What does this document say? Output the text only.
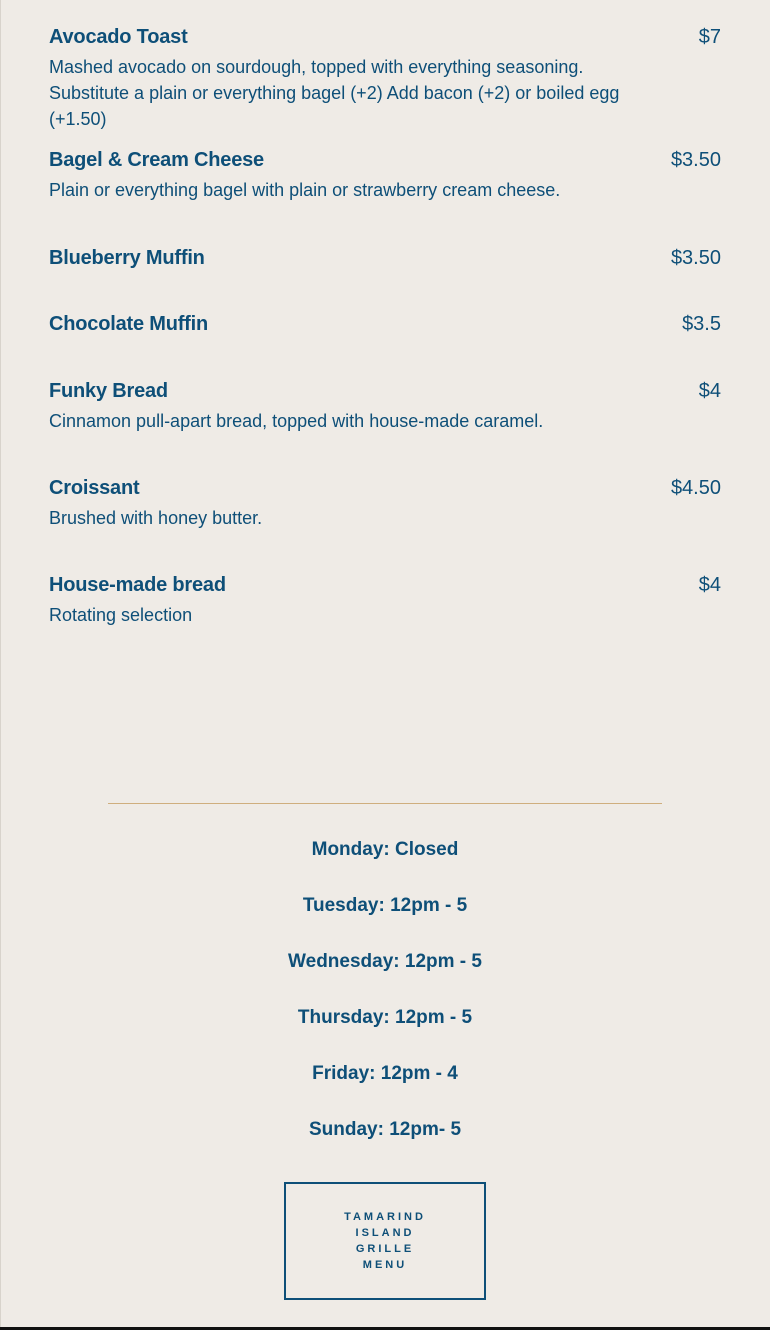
Avocado Toast	$7
Mashed avocado on sourdough, topped with everything seasoning. Substitute a plain or everything bagel (+2) Add bacon (+2) or boiled egg (+1.50)
Bagel & Cream Cheese	$3.50
Plain or everything bagel with plain or strawberry cream cheese.
Blueberry Muffin	$3.50
Chocolate Muffin	$3.5
Funky Bread	$4
Cinnamon pull-apart bread, topped with house-made caramel.
Croissant	$4.50
Brushed with honey butter.
House-made bread	$4
Rotating selection
Monday: Closed
Tuesday: 12pm - 5
Wednesday: 12pm - 5
Thursday: 12pm - 5
Friday: 12pm - 4
Sunday: 12pm- 5
TAMARIND
ISLAND
GRILLE
MENU
